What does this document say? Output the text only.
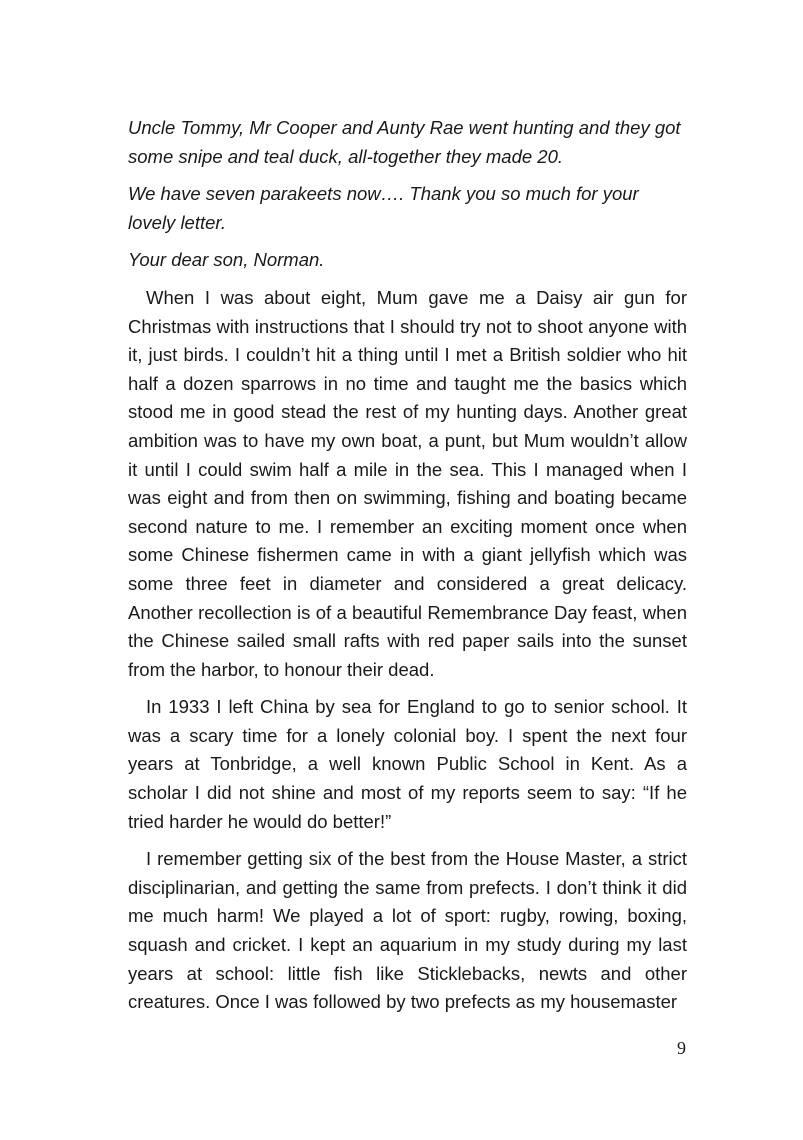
Uncle Tommy, Mr Cooper and Aunty Rae went hunting and they got some snipe and teal duck, all-together they made 20.

We have seven parakeets now…. Thank you so much for your lovely letter.

Your dear son, Norman.

When I was about eight, Mum gave me a Daisy air gun for Christmas with instructions that I should try not to shoot anyone with it, just birds. I couldn’t hit a thing until I met a British soldier who hit half a dozen sparrows in no time and taught me the basics which stood me in good stead the rest of my hunting days. Another great ambition was to have my own boat, a punt, but Mum wouldn’t allow it until I could swim half a mile in the sea. This I managed when I was eight and from then on swimming, fishing and boating became second nature to me. I remember an exciting moment once when some Chinese fishermen came in with a giant jellyfish which was some three feet in diameter and considered a great delicacy. Another recollection is of a beautiful Remembrance Day feast, when the Chinese sailed small rafts with red paper sails into the sunset from the harbor, to honour their dead.

In 1933 I left China by sea for England to go to senior school. It was a scary time for a lonely colonial boy. I spent the next four years at Tonbridge, a well known Public School in Kent. As a scholar I did not shine and most of my reports seem to say: “If he tried harder he would do better!”

I remember getting six of the best from the House Master, a strict disciplinarian, and getting the same from prefects. I don’t think it did me much harm! We played a lot of sport: rugby, rowing, boxing, squash and cricket. I kept an aquarium in my study during my last years at school: little fish like Sticklebacks, newts and other creatures. Once I was followed by two prefects as my housemaster

9
